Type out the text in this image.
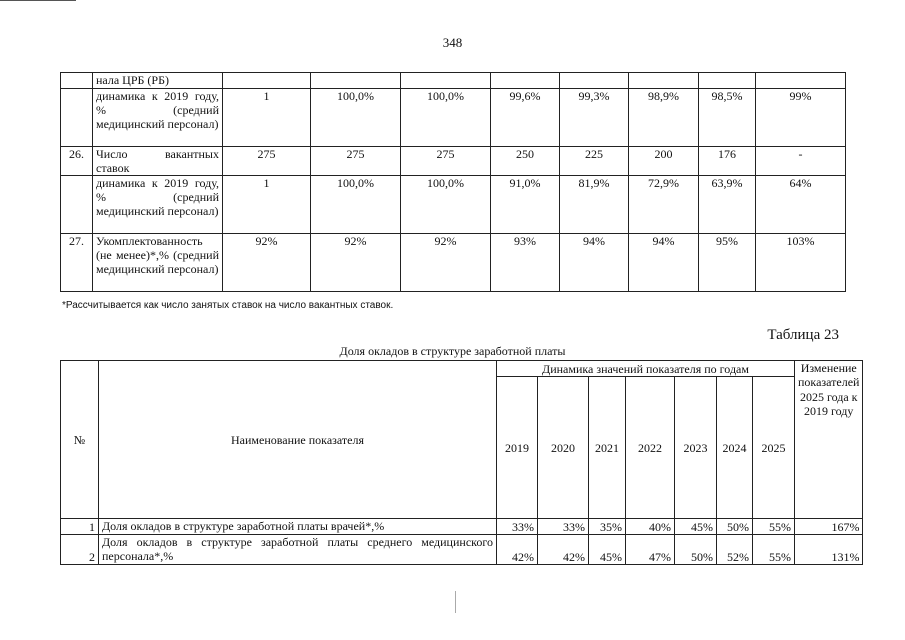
348
	нала ЦРБ (РБ)								
	динамика к 2019 году, % (средний медицинский персонал)	1	100,0%	100,0%	99,6%	99,3%	98,9%	98,5%	99%
26.	Число вакантных ставок	275	275	275	250	225	200	176	-
	динамика к 2019 году, % (средний медицинский персонал)	1	100,0%	100,0%	91,0%	81,9%	72,9%	63,9%	64%
27.	Укомплектованность (не менее)*,% (средний медицинский персонал)	92%	92%	92%	93%	94%	94%	95%	103%
*Рассчитывается как число занятых ставок на число вакантных ставок.
Таблица 23
Доля окладов в структуре заработной платы
№	Наименование показателя	Динамика значений показателя по годам							Изменение показателей 2025 года к 2019 году
		2019	2020	2021	2022	2023	2024	2025	
1	Доля окладов в структуре заработной платы врачей*,%	33%	33%	35%	40%	45%	50%	55%	167%
2	Доля окладов в структуре заработной платы среднего медицинского персонала*,%	42%	42%	45%	47%	50%	52%	55%	131%
